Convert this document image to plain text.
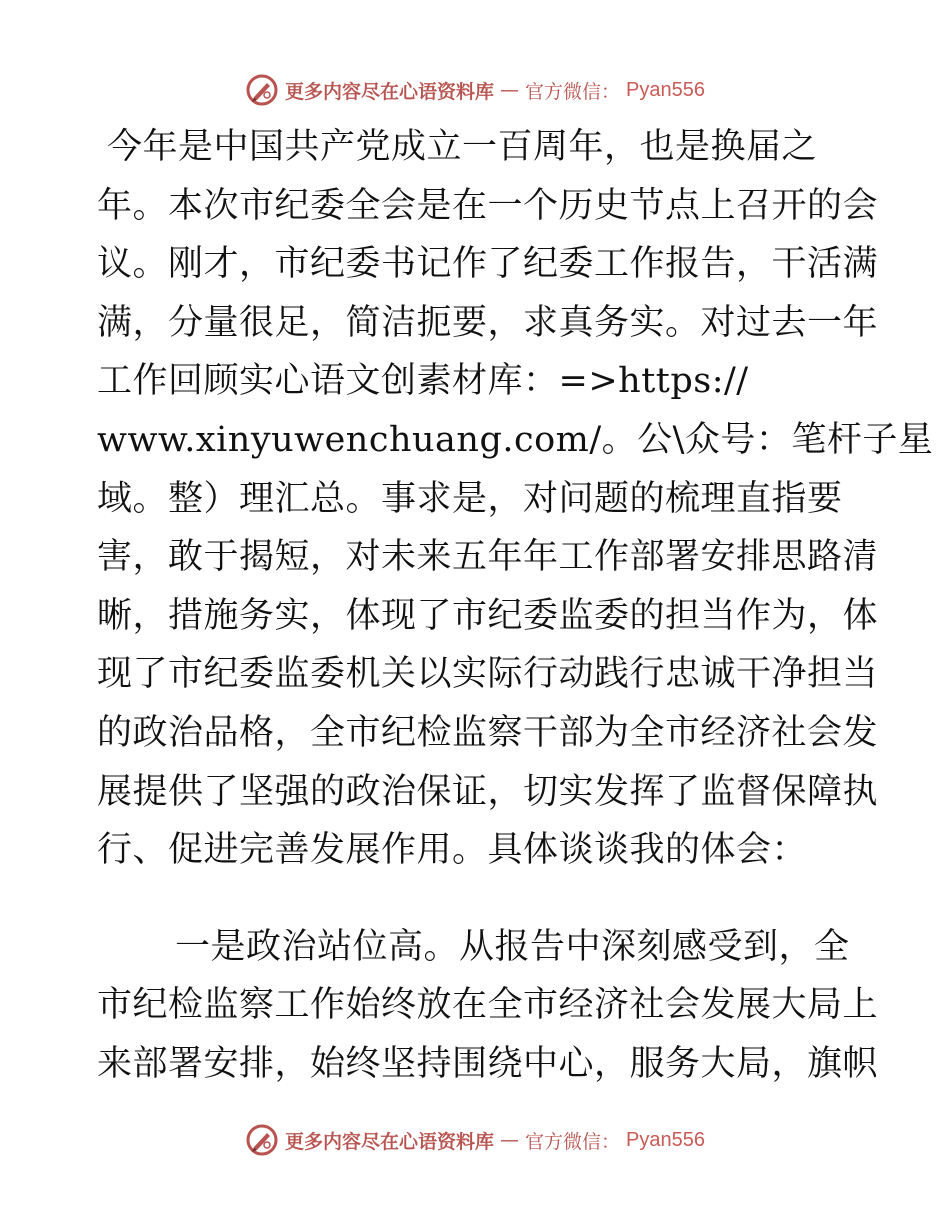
更多内容尽在心语资料库 — 官方微信： Pyan556
今年是中国共产党成立一百周年，也是换届之
年。本次市纪委全会是在一个历史节点上召开的会
议。刚才，市纪委书记作了纪委工作报告，干活满
满，分量很足，简洁扼要，求真务实。对过去一年
工作回顾实心语文创素材库：=>https://
www.xinyuwenchuang.com/。公\众号：笔杆子星
域。整）理汇总。事求是，对问题的梳理直指要
害，敢于揭短，对未来五年年工作部署安排思路清
晰，措施务实，体现了市纪委监委的担当作为，体
现了市纪委监委机关以实际行动践行忠诚干净担当
的政治品格，全市纪检监察干部为全市经济社会发
展提供了坚强的政治保证，切实发挥了监督保障执
行、促进完善发展作用。具体谈谈我的体会：
一是政治站位高。从报告中深刻感受到，全
市纪检监察工作始终放在全市经济社会发展大局上
来部署安排，始终坚持围绕中心，服务大局，旗帜
更多内容尽在心语资料库 — 官方微信： Pyan556
